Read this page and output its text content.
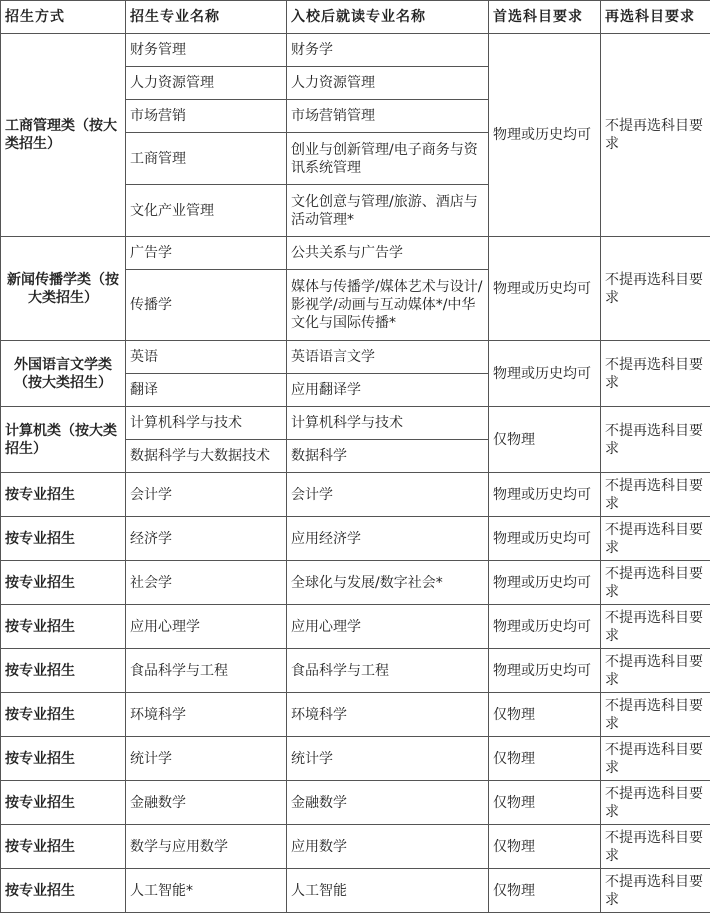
招生方式	招生专业名称	入校后就读专业名称	首选科目要求	再选科目要求
工商管理类（按大类招生）	财务管理	财务学	物理或历史均可	不提再选科目要求
	人力资源管理	人力资源管理		
	市场营销	市场营销管理		
	工商管理	创业与创新管理/电子商务与资讯系统管理		
	文化产业管理	文化创意与管理/旅游、酒店与活动管理*		
新闻传播学类（按大类招生）	广告学	公共关系与广告学	物理或历史均可	不提再选科目要求
	传播学	媒体与传播学/媒体艺术与设计/影视学/动画与互动媒体*/中华文化与国际传播*		
外国语言文学类（按大类招生）	英语	英语语言文学	物理或历史均可	不提再选科目要求
	翻译	应用翻译学		
计算机类（按大类招生）	计算机科学与技术	计算机科学与技术	仅物理	不提再选科目要求
	数据科学与大数据技术	数据科学		
按专业招生	会计学	会计学	物理或历史均可	不提再选科目要求
按专业招生	经济学	应用经济学	物理或历史均可	不提再选科目要求
按专业招生	社会学	全球化与发展/数字社会*	物理或历史均可	不提再选科目要求
按专业招生	应用心理学	应用心理学	物理或历史均可	不提再选科目要求
按专业招生	食品科学与工程	食品科学与工程	物理或历史均可	不提再选科目要求
按专业招生	环境科学	环境科学	仅物理	不提再选科目要求
按专业招生	统计学	统计学	仅物理	不提再选科目要求
按专业招生	金融数学	金融数学	仅物理	不提再选科目要求
按专业招生	数学与应用数学	应用数学	仅物理	不提再选科目要求
按专业招生	人工智能*	人工智能	仅物理	不提再选科目要求
